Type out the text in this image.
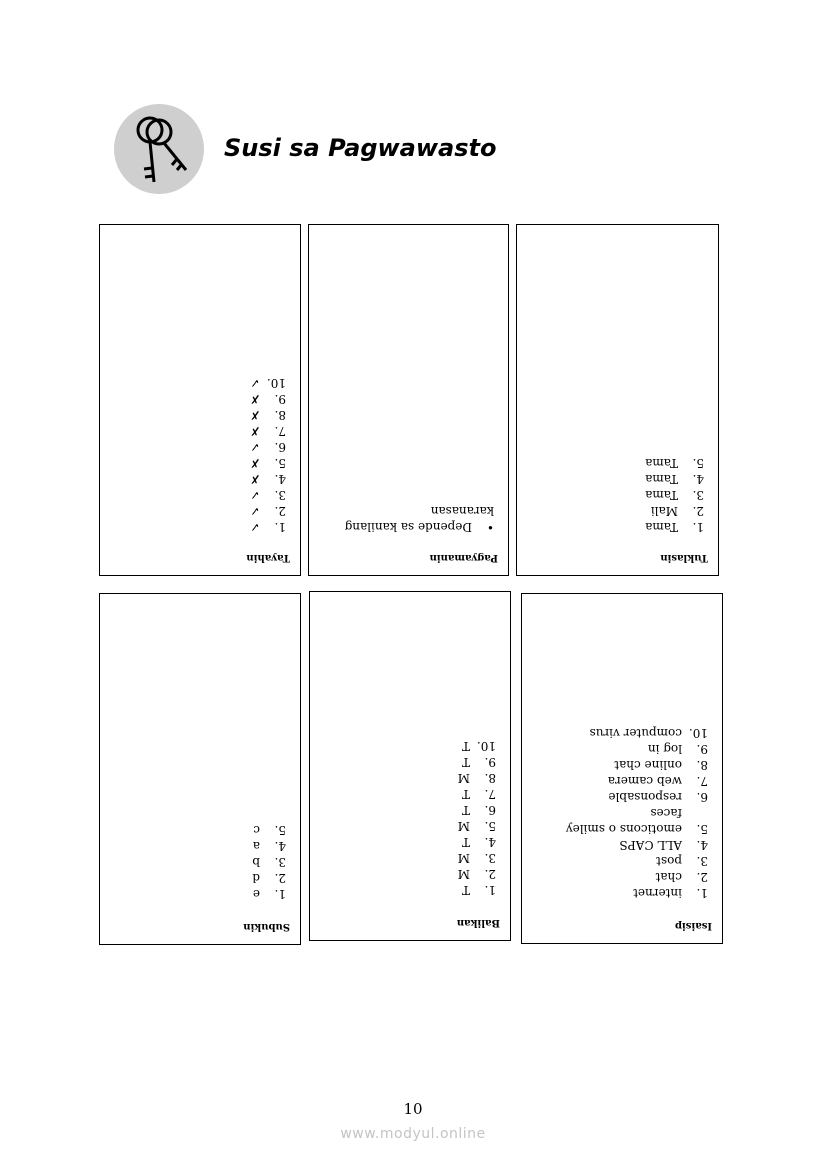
Susi sa Pagwawasto
Tayahin
1.✓
2.✓
3.✓
4.✗
5.✗
6.✓
7.✗
8.✗
9.✗
10.✓
Pagyamanin
•Depende sa kanilang karanasan
Tuklasin
1.Tama
2.Mali
3.Tama
4.Tama
5.Tama
Subukin
1.e
2.d
3.b
4.a
5.c
Balikan
1.T
2.M
3.M
4.T
5.M
6.T
7.T
8.M
9.T
10.T
Isaisip
1.internet
2.chat
3.post
4.ALL CAPS
5.emoticons o smiley
faces
6.responsable
7.web camera
8.online chat
9.log in
10.computer virus
10
www.modyul.online
